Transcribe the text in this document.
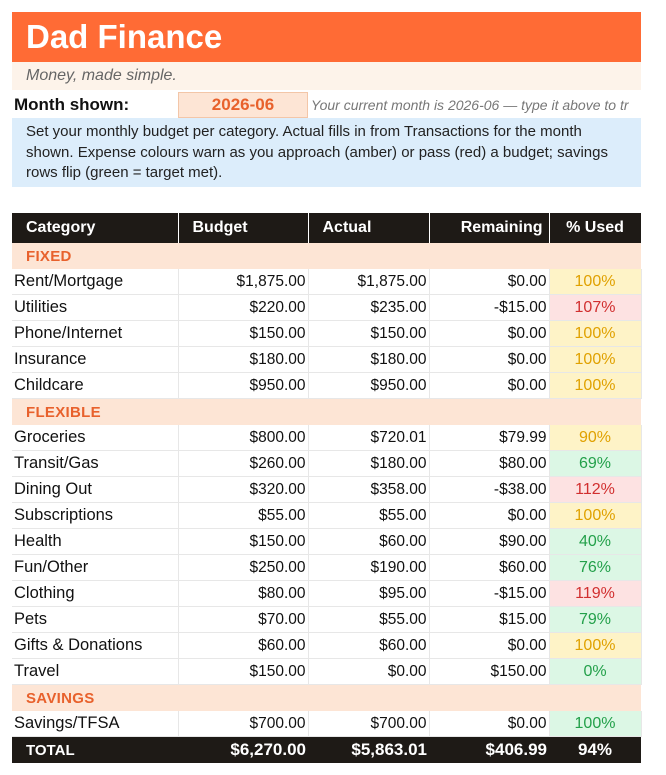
Dad Finance
Money, made simple.
Month shown:
2026-06	Your current month is 2026-06 — type it above to tr
Set your monthly budget per category. Actual fills in from Transactions for the month shown. Expense colours warn as you approach (amber) or pass (red) a budget; savings rows flip (green = target met).
Category	Budget	Actual	Remaining	% Used
FIXED				
Rent/Mortgage	$1,875.00	$1,875.00	$0.00	100%
Utilities	$220.00	$235.00	-$15.00	107%
Phone/Internet	$150.00	$150.00	$0.00	100%
Insurance	$180.00	$180.00	$0.00	100%
Childcare	$950.00	$950.00	$0.00	100%
FLEXIBLE				
Groceries	$800.00	$720.01	$79.99	90%
Transit/Gas	$260.00	$180.00	$80.00	69%
Dining Out	$320.00	$358.00	-$38.00	112%
Subscriptions	$55.00	$55.00	$0.00	100%
Health	$150.00	$60.00	$90.00	40%
Fun/Other	$250.00	$190.00	$60.00	76%
Clothing	$80.00	$95.00	-$15.00	119%
Pets	$70.00	$55.00	$15.00	79%
Gifts & Donations	$60.00	$60.00	$0.00	100%
Travel	$150.00	$0.00	$150.00	0%
SAVINGS				
Savings/TFSA	$700.00	$700.00	$0.00	100%
TOTAL	$6,270.00	$5,863.01	$406.99	94%
